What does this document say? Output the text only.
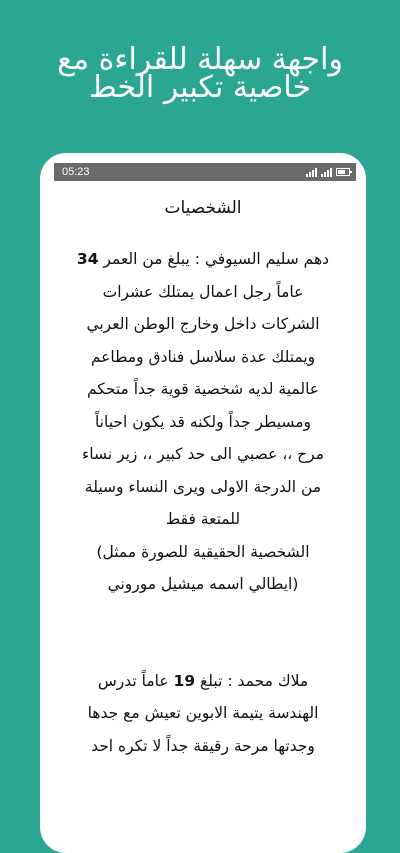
واجهة سهلة للقراءة مع
خاصية تكبير الخط
05:23
الشخصيات
دهم سليم السيوفي : يبلغ من العمر 34
عاماً رجل اعمال يمتلك عشرات
الشركات داخل وخارج الوطن العربي
ويمتلك عدة سلاسل فنادق ومطاعم
عالمية لديه شخصية قوية جداً متحكم
ومسيطر جداً ولكنه قد يكون احياناً
مرح ،، عصبي الى حد كبير ،، زير نساء
من الدرجة الاولى ويرى النساء وسيلة
للمتعة فقط
الشخصية الحقيقية للصورة ممثل)
(ايطالي اسمه ميشيل موروني
ملاك محمد : تبلغ 19 عاماً تدرس
الهندسة يتيمة الابوين تعيش مع جدها
وجدتها مرحة رقيقة جداً لا تكره احد
